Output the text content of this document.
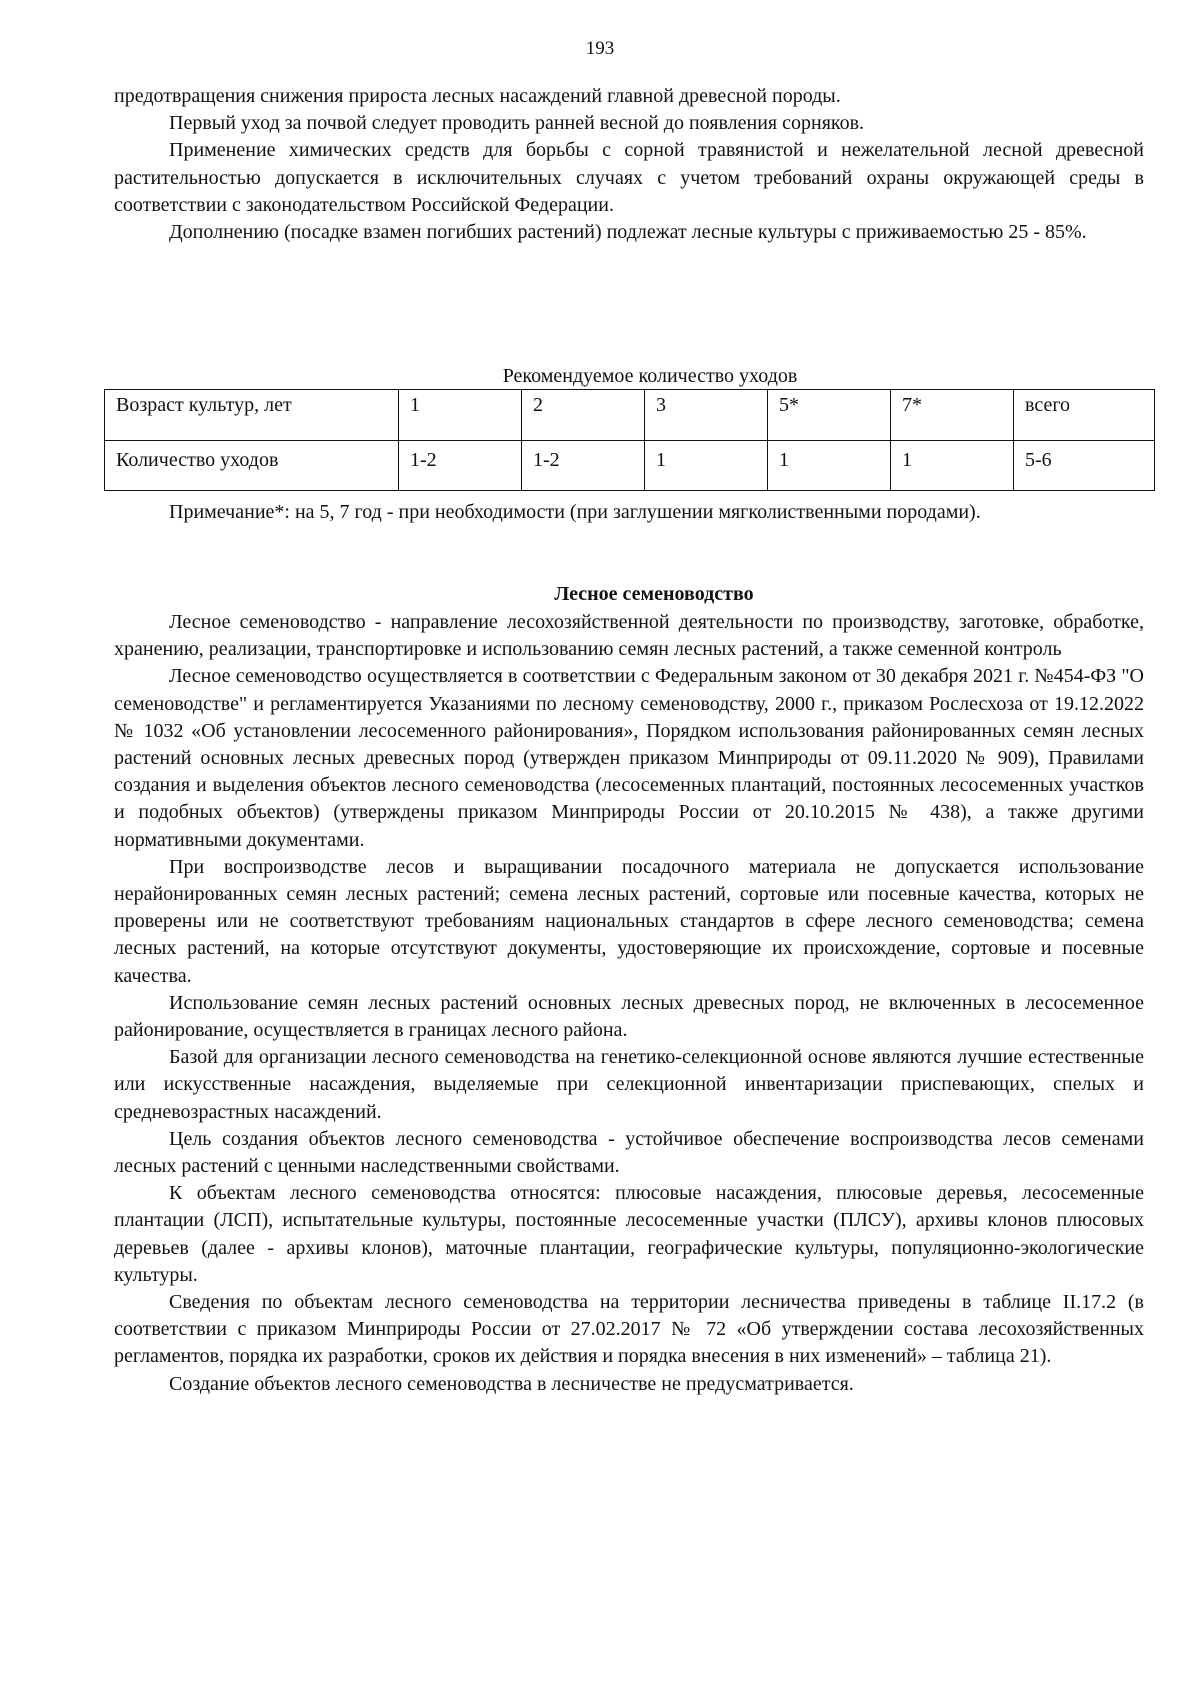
193

предотвращения снижения прироста лесных насаждений главной древесной породы.

Первый уход за почвой следует проводить ранней весной до появления сорняков.

Применение химических средств для борьбы с сорной травянистой и нежелательной лесной древесной растительностью допускается в исключительных случаях с учетом требований охраны окружающей среды в соответствии с законодательством Российской Федерации.

Дополнению (посадке взамен погибших растений) подлежат лесные культуры с приживаемостью 25 - 85%.

Рекомендуемое количество уходов
Возраст культур, лет	1	2	3	5*	7*	всего
Количество уходов	1-2	1-2	1	1	1	5-6

Примечание*: на 5, 7 год - при необходимости (при заглушении мягколиственными породами).

Лесное семеноводство

Лесное семеноводство - направление лесохозяйственной деятельности по производству, заготовке, обработке, хранению, реализации, транспортировке и использованию семян лесных растений, а также семенной контроль

Лесное семеноводство осуществляется в соответствии с Федеральным законом от 30 декабря 2021 г. №454-ФЗ "О семеноводстве" и регламентируется Указаниями по лесному семеноводству, 2000 г., приказом Рослесхоза от 19.12.2022 № 1032 «Об установлении лесосеменного районирования», Порядком использования районированных семян лесных растений основных лесных древесных пород (утвержден приказом Минприроды от 09.11.2020 № 909), Правилами создания и выделения объектов лесного семеноводства (лесосеменных плантаций, постоянных лесосеменных участков и подобных объектов) (утверждены приказом Минприроды России от 20.10.2015 № 438), а также другими нормативными документами.

При воспроизводстве лесов и выращивании посадочного материала не допускается использование нерайонированных семян лесных растений; семена лесных растений, сортовые или посевные качества, которых не проверены или не соответствуют требованиям национальных стандартов в сфере лесного семеноводства; семена лесных растений, на которые отсутствуют документы, удостоверяющие их происхождение, сортовые и посевные качества.

Использование семян лесных растений основных лесных древесных пород, не включенных в лесосеменное районирование, осуществляется в границах лесного района.

Базой для организации лесного семеноводства на генетико-селекционной основе являются лучшие естественные или искусственные насаждения, выделяемые при селекционной инвентаризации приспевающих, спелых и средневозрастных насаждений.

Цель создания объектов лесного семеноводства - устойчивое обеспечение воспроизводства лесов семенами лесных растений с ценными наследственными свойствами.

К объектам лесного семеноводства относятся: плюсовые насаждения, плюсовые деревья, лесосеменные плантации (ЛСП), испытательные культуры, постоянные лесосеменные участки (ПЛСУ), архивы клонов плюсовых деревьев (далее - архивы клонов), маточные плантации, географические культуры, популяционно-экологические культуры.

Сведения по объектам лесного семеноводства на территории лесничества приведены в таблице II.17.2 (в соответствии с приказом Минприроды России от 27.02.2017 № 72 «Об утверждении состава лесохозяйственных регламентов, порядка их разработки, сроков их действия и порядка внесения в них изменений» – таблица 21).

Создание объектов лесного семеноводства в лесничестве не предусматривается.
